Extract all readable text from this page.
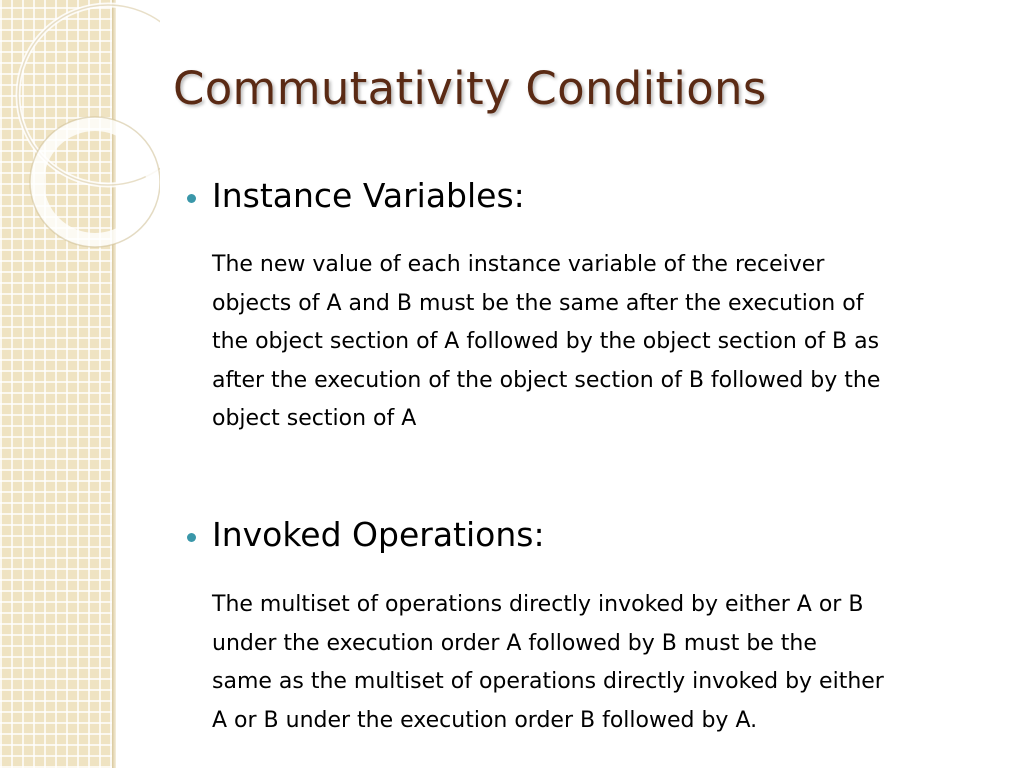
Commutativity Conditions
Instance Variables:
The new value of each instance variable of the receiver
objects of A and B must be the same after the execution of
the object section of A followed by the object section of B as
after the execution of the object section of B followed by the
object section of A
Invoked Operations:
The multiset of operations directly invoked by either A or B
under the execution order A followed by B must be the
same as the multiset of operations directly invoked by either
A or B under the execution order B followed by A.
